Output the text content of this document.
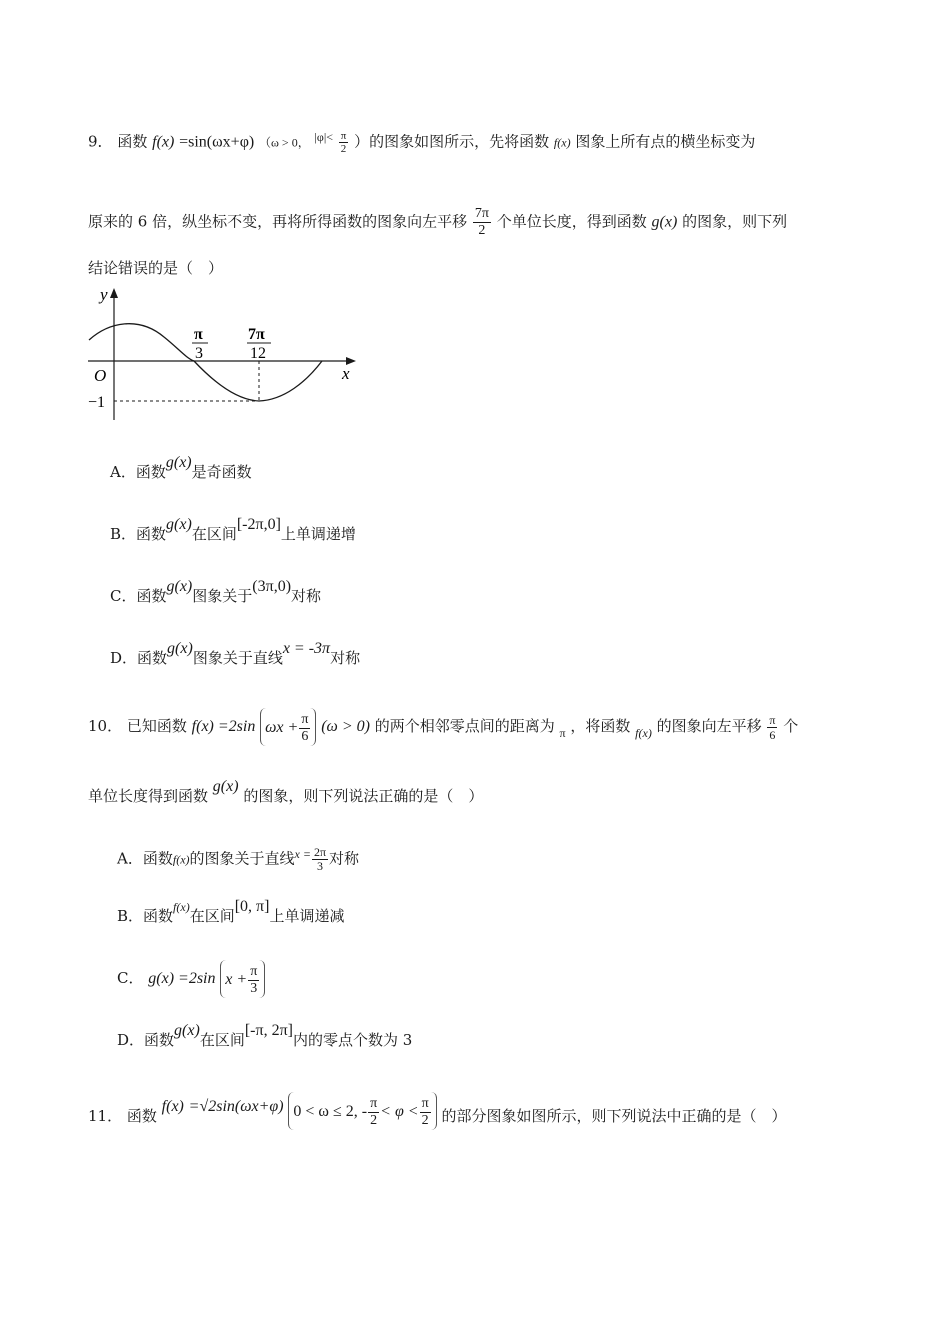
9． 函数 f(x) =sin(ωx+φ) （ω > 0， $^{|\varphi|<} \frac{\pi}{2}$ ）的图象如图所示，先将函数 f(x) 图象上所有点的横坐标变为
原来的 6 倍，纵坐标不变，再将所得函数的图象向左平移 $\frac{7\pi}{2}$ 个单位长度，得到函数 g(x) 的图象，则下列
结论错误的是（　）
y
x
O
−1
π
3
7π
12
A．函数g(x)是奇函数
B．函数g(x)在区间[-2π,0]上单调递增
C．函数g(x)图象关于(3π,0)对称
D．函数g(x)图象关于直线x = -3π对称
10． 已知函数 f(x) =2sin $\omega x + \frac{\pi}{6} (\omega > 0)$ 的两个相邻零点间的距离为 $_\pi$ ，将函数 $_{f(x)}$ 的图象向左平移 $\frac{\pi}{6}$ 个
单位长度得到函数 g(x) 的图象，则下列说法正确的是（　）
A．函数f(x)的图象关于直线$^{x =} \frac{2\pi}{3}$ 对称
B．函数$^{f(x)}$在区间[0, π]上单调递减
C． g(x) =2sin $x + \frac{\pi}{3}$
D．函数g(x)在区间[-π, 2π]内的零点个数为 3
11． 函数 f(x) =√2sin(ωx+φ) 0 < ω ≤ 2, - $\frac{\pi}{2} < \varphi < \frac{\pi}{2}$ 的部分图象如图所示，则下列说法中正确的是（　）
